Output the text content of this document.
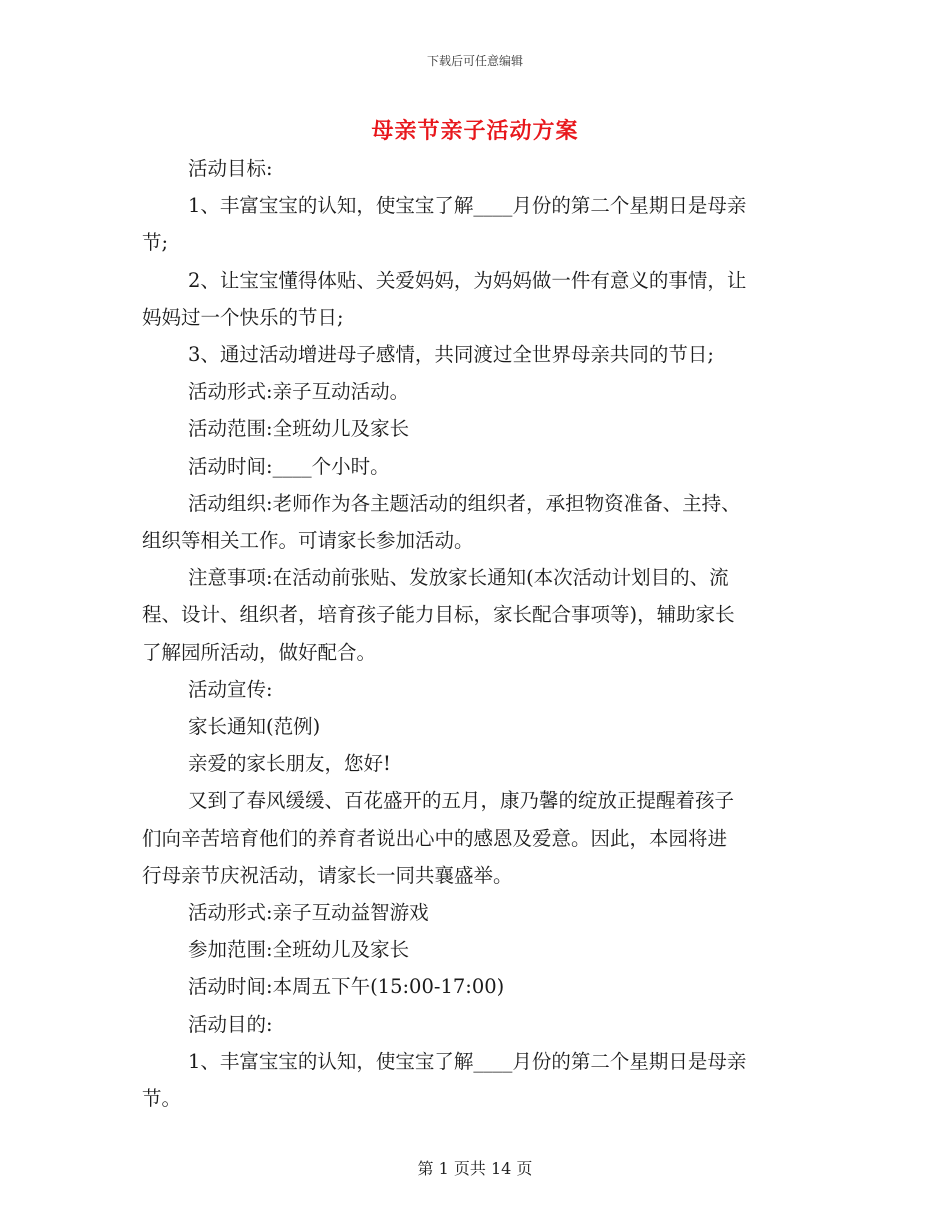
下载后可任意编辑
母亲节亲子活动方案
活动目标:
1、丰富宝宝的认知，使宝宝了解____月份的第二个星期日是母亲
节;
2、让宝宝懂得体贴、关爱妈妈，为妈妈做一件有意义的事情，让
妈妈过一个快乐的节日;
3、通过活动增进母子感情，共同渡过全世界母亲共同的节日;
活动形式:亲子互动活动。
活动范围:全班幼儿及家长
活动时间:____个小时。
活动组织:老师作为各主题活动的组织者，承担物资准备、主持、
组织等相关工作。可请家长参加活动。
注意事项:在活动前张贴、发放家长通知(本次活动计划目的、流
程、设计、组织者，培育孩子能力目标，家长配合事项等)，辅助家长
了解园所活动，做好配合。
活动宣传:
家长通知(范例)
亲爱的家长朋友，您好!
又到了春风缓缓、百花盛开的五月，康乃馨的绽放正提醒着孩子
们向辛苦培育他们的养育者说出心中的感恩及爱意。因此，本园将进
行母亲节庆祝活动，请家长一同共襄盛举。
活动形式:亲子互动益智游戏
参加范围:全班幼儿及家长
活动时间:本周五下午(15:00-17:00)
活动目的:
1、丰富宝宝的认知，使宝宝了解____月份的第二个星期日是母亲
节。
第 1 页共 14 页
